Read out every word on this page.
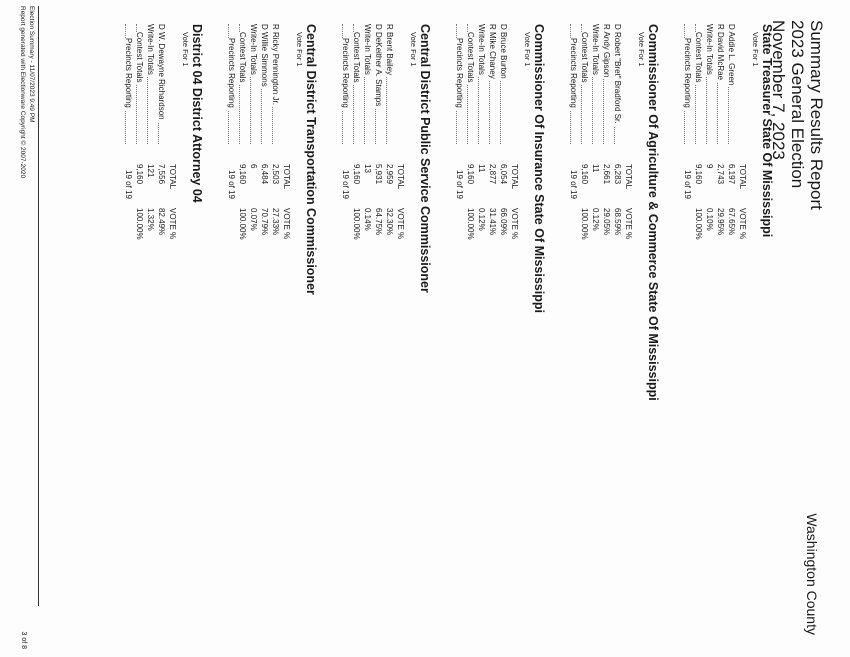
Summary Results Report
2023 General Election
November 7, 2023
Washington County
State Treasurer State Of Mississippi
Vote For 1
TOTAL
VOTE %
D Addie L. Green
6,197
67.65%
R David McRae
2,743
29.95%
Write-In Totals
9
0.10%
Contest Totals
9,160
100.00%
Precincts Reporting
19 of 19
Commissioner Of Agriculture & Commerce State Of Mississippi
Vote For 1
TOTAL
VOTE %
D Robert "Bret" Bradford Sr.
6,283
68.59%
R Andy Gipson
2,661
29.05%
Write-In Totals
11
0.12%
Contest Totals
9,160
100.00%
Precincts Reporting
19 of 19
Commissioner Of Insurance State Of Mississippi
Vote For 1
TOTAL
VOTE %
D Bruce Burton
6,054
66.09%
R Mike Chaney
2,877
31.41%
Write-In Totals
11
0.12%
Contest Totals
9,160
100.00%
Precincts Reporting
19 of 19
Central District Public Service Commissioner
Vote For 1
TOTAL
VOTE %
R Brent Bailey
2,959
32.30%
D DeKeither A. Stamps
5,931
64.75%
Write-In Totals
13
0.14%
Contest Totals
9,160
100.00%
Precincts Reporting
19 of 19
Central District Transportation Commissioner
Vote For 1
TOTAL
VOTE %
R Ricky Pennington Jr.
2,503
27.33%
D Willie Simmons
6,484
70.79%
Write-In Totals
6
0.07%
Contest Totals
9,160
100.00%
Precincts Reporting
19 of 19
District 04 District Attorney 04
Vote For 1
TOTAL
VOTE %
D W. Dewayne Richardson
7,556
82.49%
Write-In Totals
121
1.32%
Contest Totals
9,160
100.00%
Precincts Reporting
19 of 19
Election Summary - 11/07/2023 9:49 PM
Report generated with Electionware Copyright © 2007-2020
3 of 8
